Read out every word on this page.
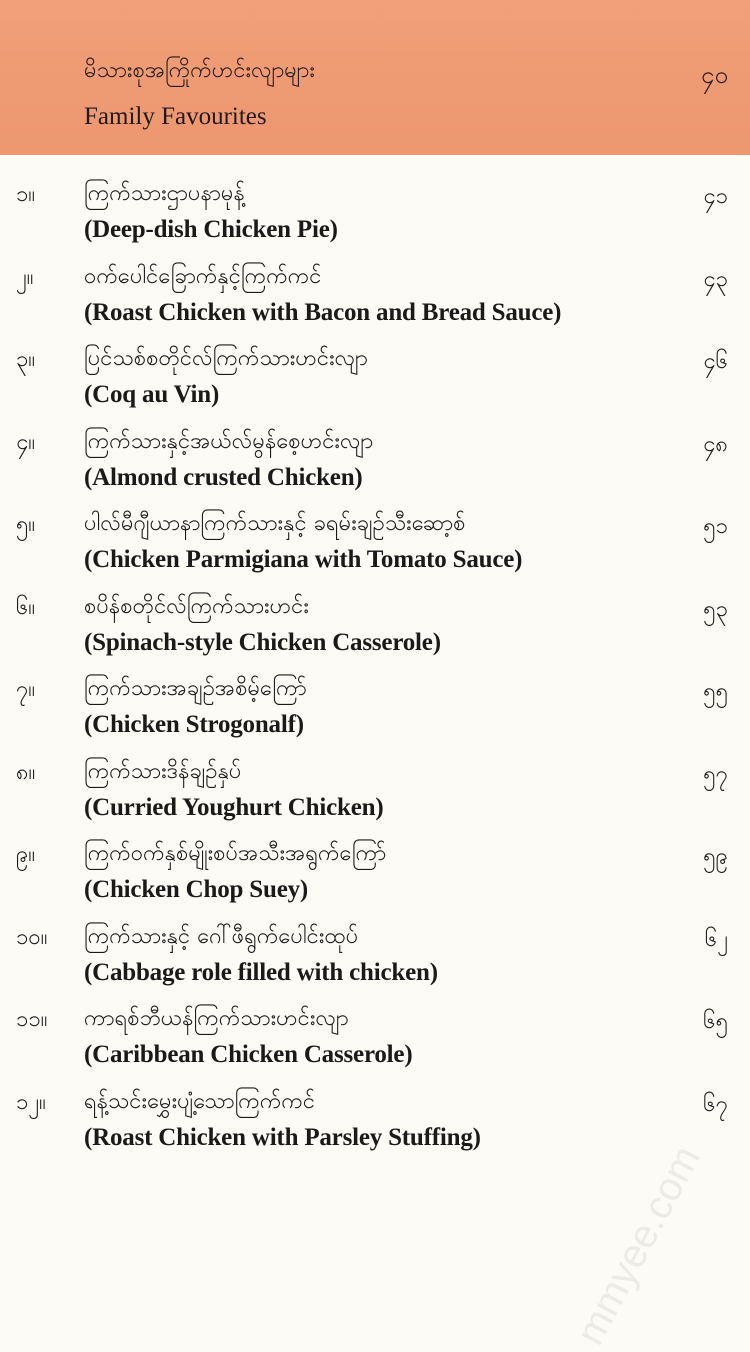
မိသားစုအကြိုက်ဟင်းလျာများ
Family Favourites
၄၀
၁။	ကြက်သားဌာပနာမုန့်
(Deep-dish Chicken Pie)
၄၁
၂။	ဝက်ပေါင်ခြောက်နှင့်ကြက်ကင်
(Roast Chicken with Bacon and Bread Sauce)
၄၃
၃။	ပြင်သစ်စတိုင်လ်ကြက်သားဟင်းလျာ
(Coq au Vin)
၄၆
၄။	ကြက်သားနှင့်အယ်လ်မွန်စေ့ဟင်းလျာ
(Almond crusted Chicken)
၄၈
၅။	ပါလ်မီဂျီယာနာကြက်သားနှင့် ခရမ်းချဉ်သီးဆော့စ်
(Chicken Parmigiana with Tomato Sauce)
၅၁
၆။	စပိန်စတိုင်လ်ကြက်သားဟင်း
(Spinach-style Chicken Casserole)
၅၃
၇။	ကြက်သားအချဉ်အစိမ့်ကြော်
(Chicken Strogonalf)
၅၅
၈။	ကြက်သားဒိန်ချဉ်နှပ်
(Curried Youghurt Chicken)
၅၇
၉။	ကြက်ဝက်နှစ်မျိုးစပ်အသီးအရွက်ကြော်
(Chicken Chop Suey)
၅၉
၁၀။	ကြက်သားနှင့် ဂေါ်ဖီရွက်ပေါင်းထုပ်
(Cabbage role filled with chicken)
၆၂
၁၁။	ကာရစ်ဘီယန်ကြက်သားဟင်းလျာ
(Caribbean Chicken Casserole)
၆၅
၁၂။	ရန့်သင်းမွှေးပျံ့သောကြက်ကင်
(Roast Chicken with Parsley Stuffing)
၆၇
mmyee.com
